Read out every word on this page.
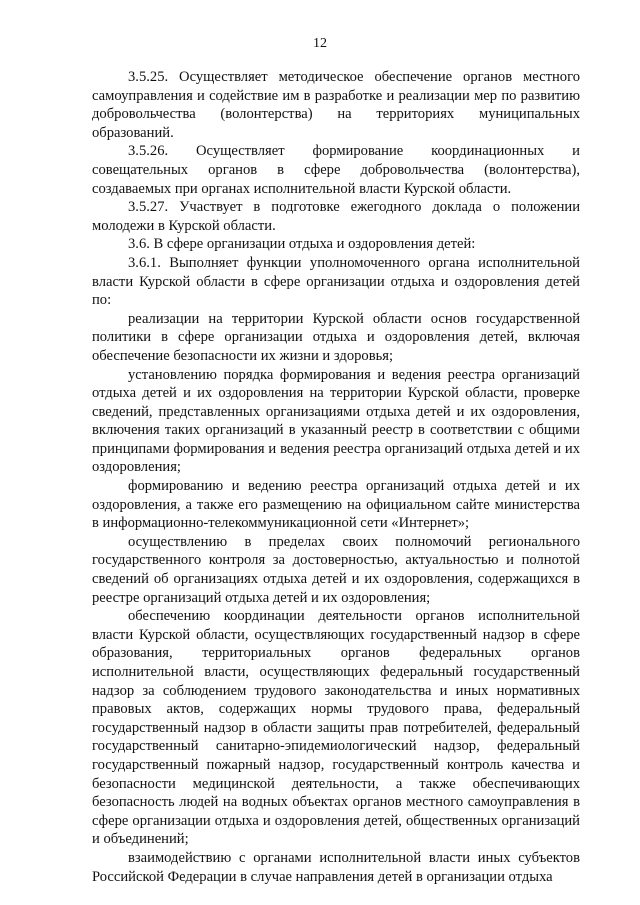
12

3.5.25. Осуществляет методическое обеспечение органов местного самоуправления и содействие им в разработке и реализации мер по развитию добровольчества (волонтерства) на территориях муниципальных образований.

3.5.26. Осуществляет формирование координационных и совещательных органов в сфере добровольчества (волонтерства), создаваемых при органах исполнительной власти Курской области.

3.5.27. Участвует в подготовке ежегодного доклада о положении молодежи в Курской области.

3.6. В сфере организации отдыха и оздоровления детей:

3.6.1. Выполняет функции уполномоченного органа исполнительной власти Курской области в сфере организации отдыха и оздоровления детей по:

реализации на территории Курской области основ государственной политики в сфере организации отдыха и оздоровления детей, включая обеспечение безопасности их жизни и здоровья;

установлению порядка формирования и ведения реестра организаций отдыха детей и их оздоровления на территории Курской области, проверке сведений, представленных организациями отдыха детей и их оздоровления, включения таких организаций в указанный реестр в соответствии с общими принципами формирования и ведения реестра организаций отдыха детей и их оздоровления;

формированию и ведению реестра организаций отдыха детей и их оздоровления, а также его размещению на официальном сайте министерства в информационно-телекоммуникационной сети «Интернет»;

осуществлению в пределах своих полномочий регионального государственного контроля за достоверностью, актуальностью и полнотой сведений об организациях отдыха детей и их оздоровления, содержащихся в реестре организаций отдыха детей и их оздоровления;

обеспечению координации деятельности органов исполнительной власти Курской области, осуществляющих государственный надзор в сфере образования, территориальных органов федеральных органов исполнительной власти, осуществляющих федеральный государственный надзор за соблюдением трудового законодательства и иных нормативных правовых актов, содержащих нормы трудового права, федеральный государственный надзор в области защиты прав потребителей, федеральный государственный санитарно-эпидемиологический надзор, федеральный государственный пожарный надзор, государственный контроль качества и безопасности медицинской деятельности, а также обеспечивающих безопасность людей на водных объектах органов местного самоуправления в сфере организации отдыха и оздоровления детей, общественных организаций и объединений;

взаимодействию с органами исполнительной власти иных субъектов Российской Федерации в случае направления детей в организации отдыха
